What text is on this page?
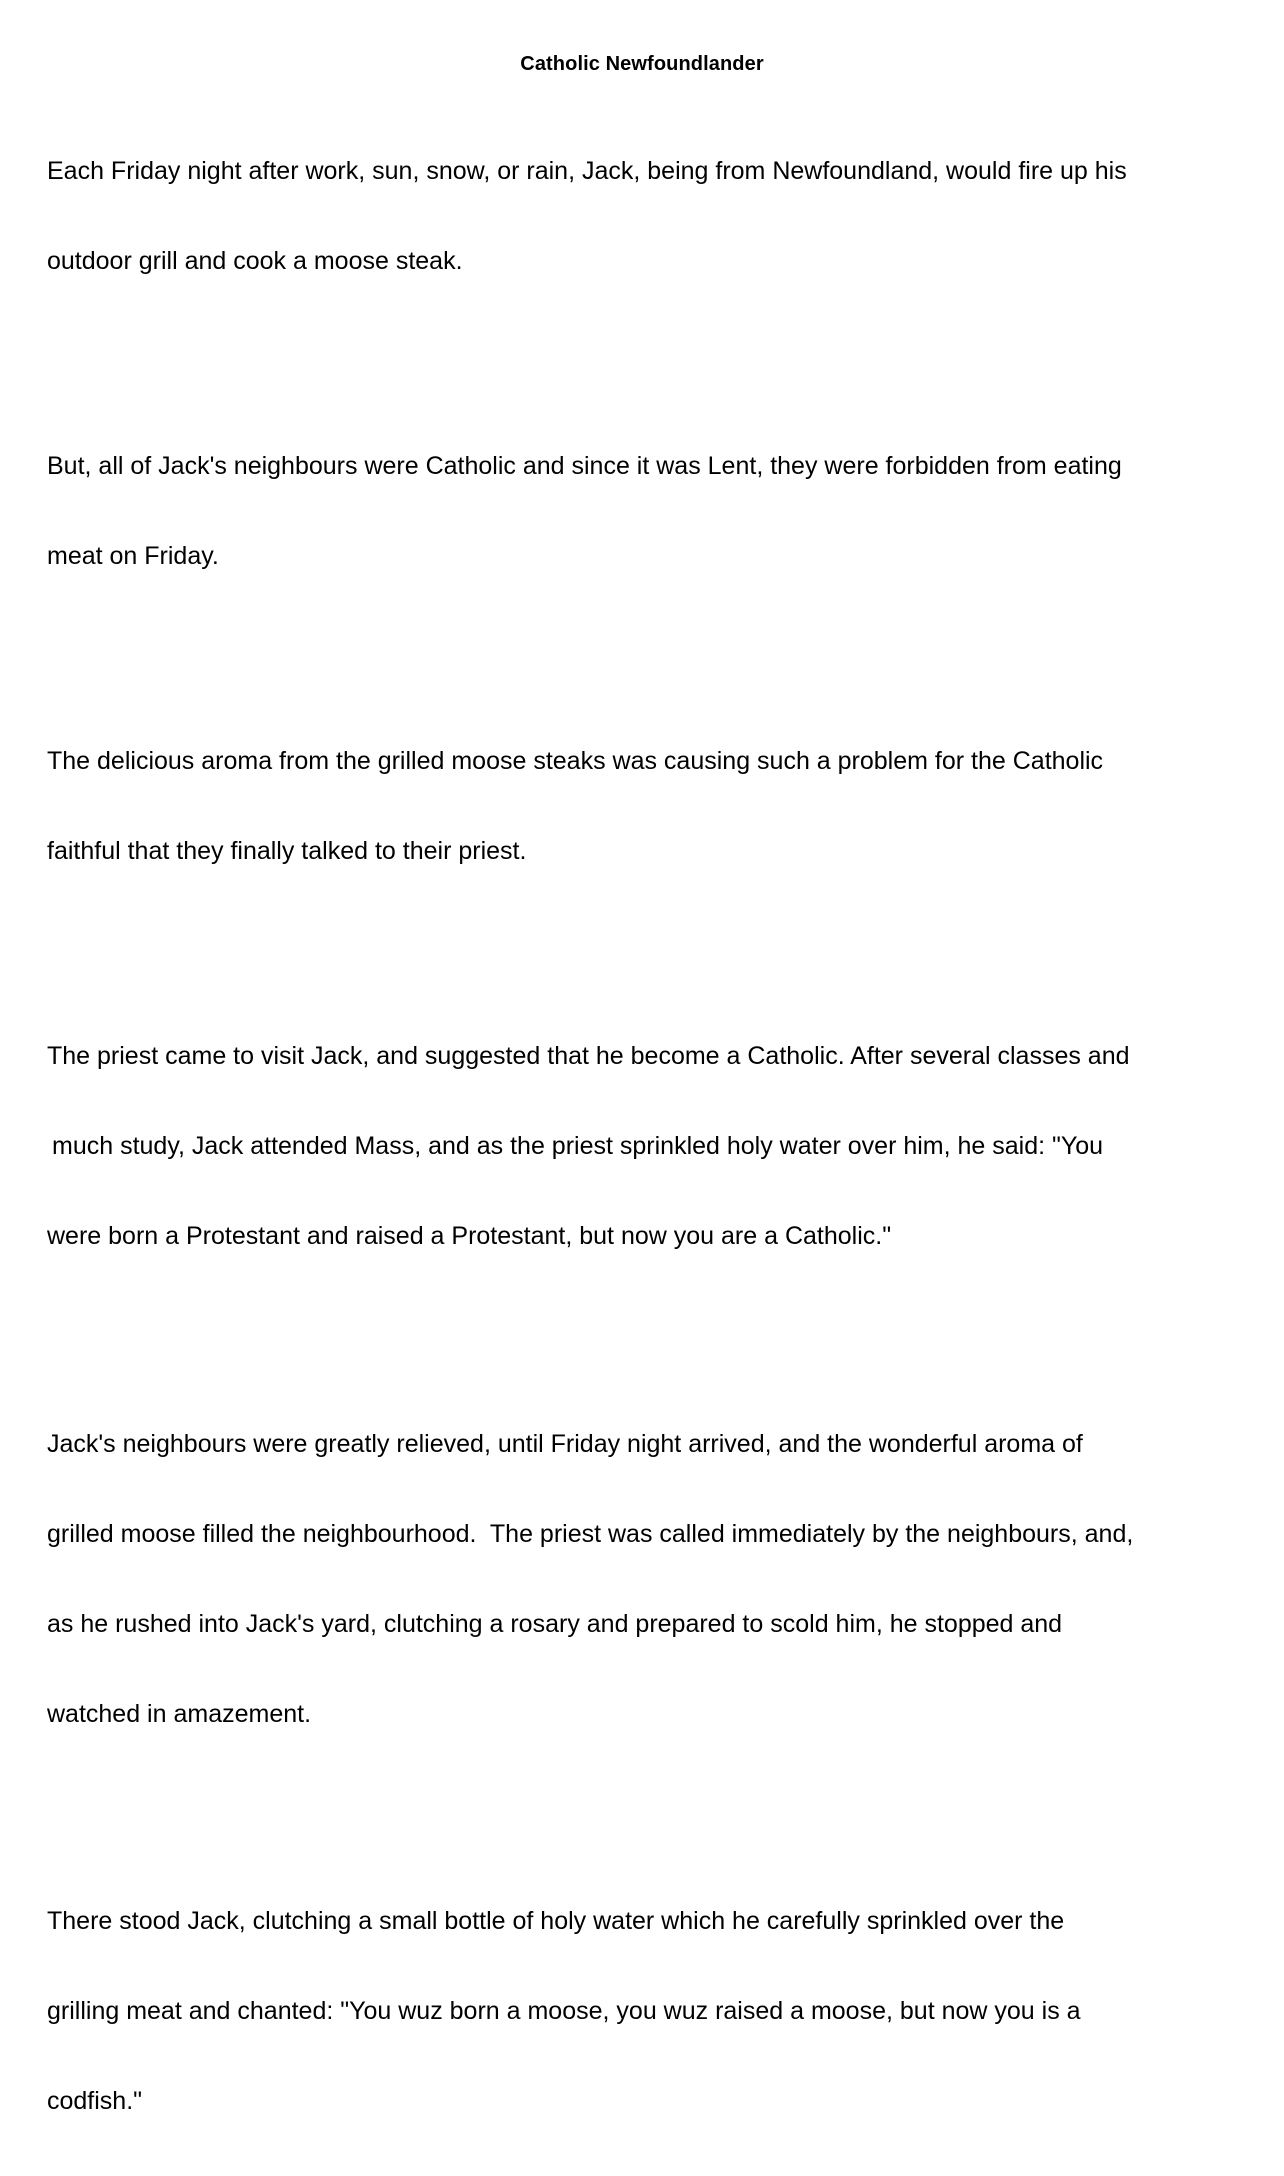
Catholic Newfoundlander

Each Friday night after work, sun, snow, or rain, Jack, being from Newfoundland, would fire up his

outdoor grill and cook a moose steak.

But, all of Jack's neighbours were Catholic and since it was Lent, they were forbidden from eating

meat on Friday.

The delicious aroma from the grilled moose steaks was causing such a problem for the Catholic

faithful that they finally talked to their priest.

The priest came to visit Jack, and suggested that he become a Catholic. After several classes and

much study, Jack attended Mass, and as the priest sprinkled holy water over him, he said: "You

were born a Protestant and raised a Protestant, but now you are a Catholic."

Jack's neighbours were greatly relieved, until Friday night arrived, and the wonderful aroma of

grilled moose filled the neighbourhood.  The priest was called immediately by the neighbours, and,

as he rushed into Jack's yard, clutching a rosary and prepared to scold him, he stopped and

watched in amazement.

There stood Jack, clutching a small bottle of holy water which he carefully sprinkled over the

grilling meat and chanted: "You wuz born a moose, you wuz raised a moose, but now you is a

codfish."
